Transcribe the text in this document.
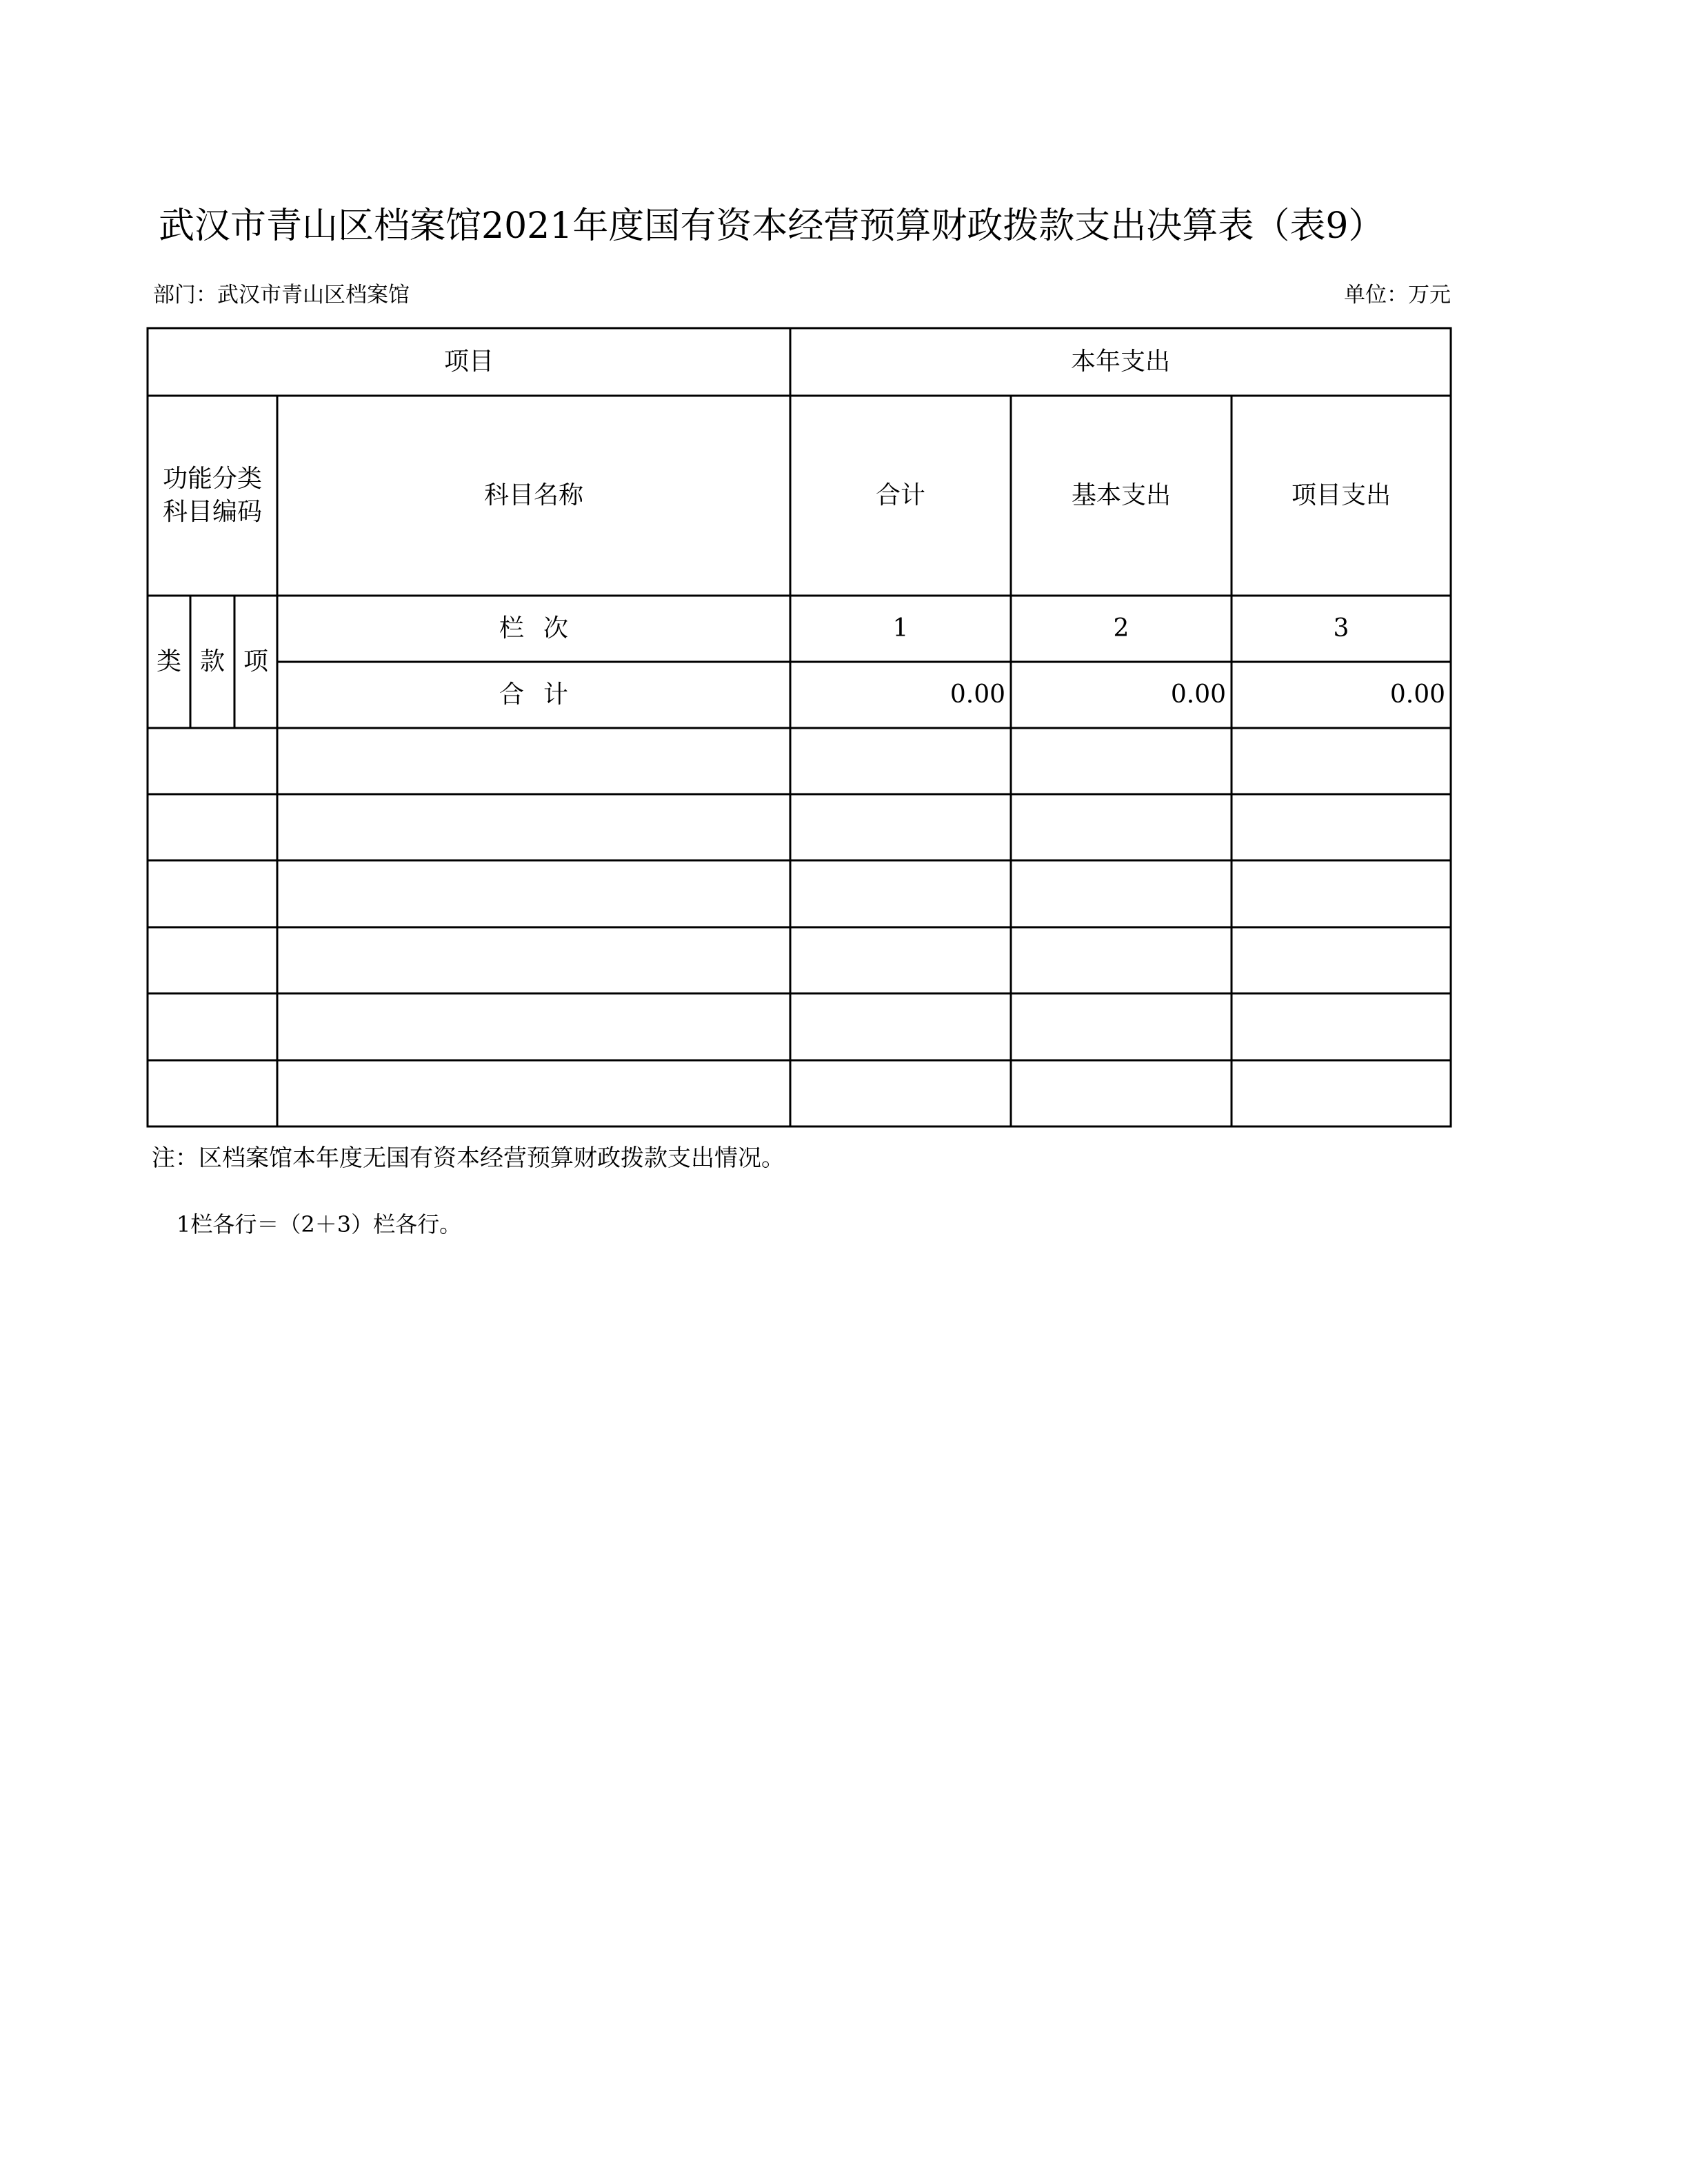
武汉市青山区档案馆2021年度国有资本经营预算财政拨款支出决算表（表9）
部门：武汉市青山区档案馆	单位：万元
项目	本年支出
功能分类
科目编码
科目名称	合计	基本支出	项目支出
类 款 项
栏次	1	2	3
合计	0.00	0.00	0.00
注：区档案馆本年度无国有资本经营预算财政拨款支出情况。
1栏各行＝（2＋3）栏各行。
